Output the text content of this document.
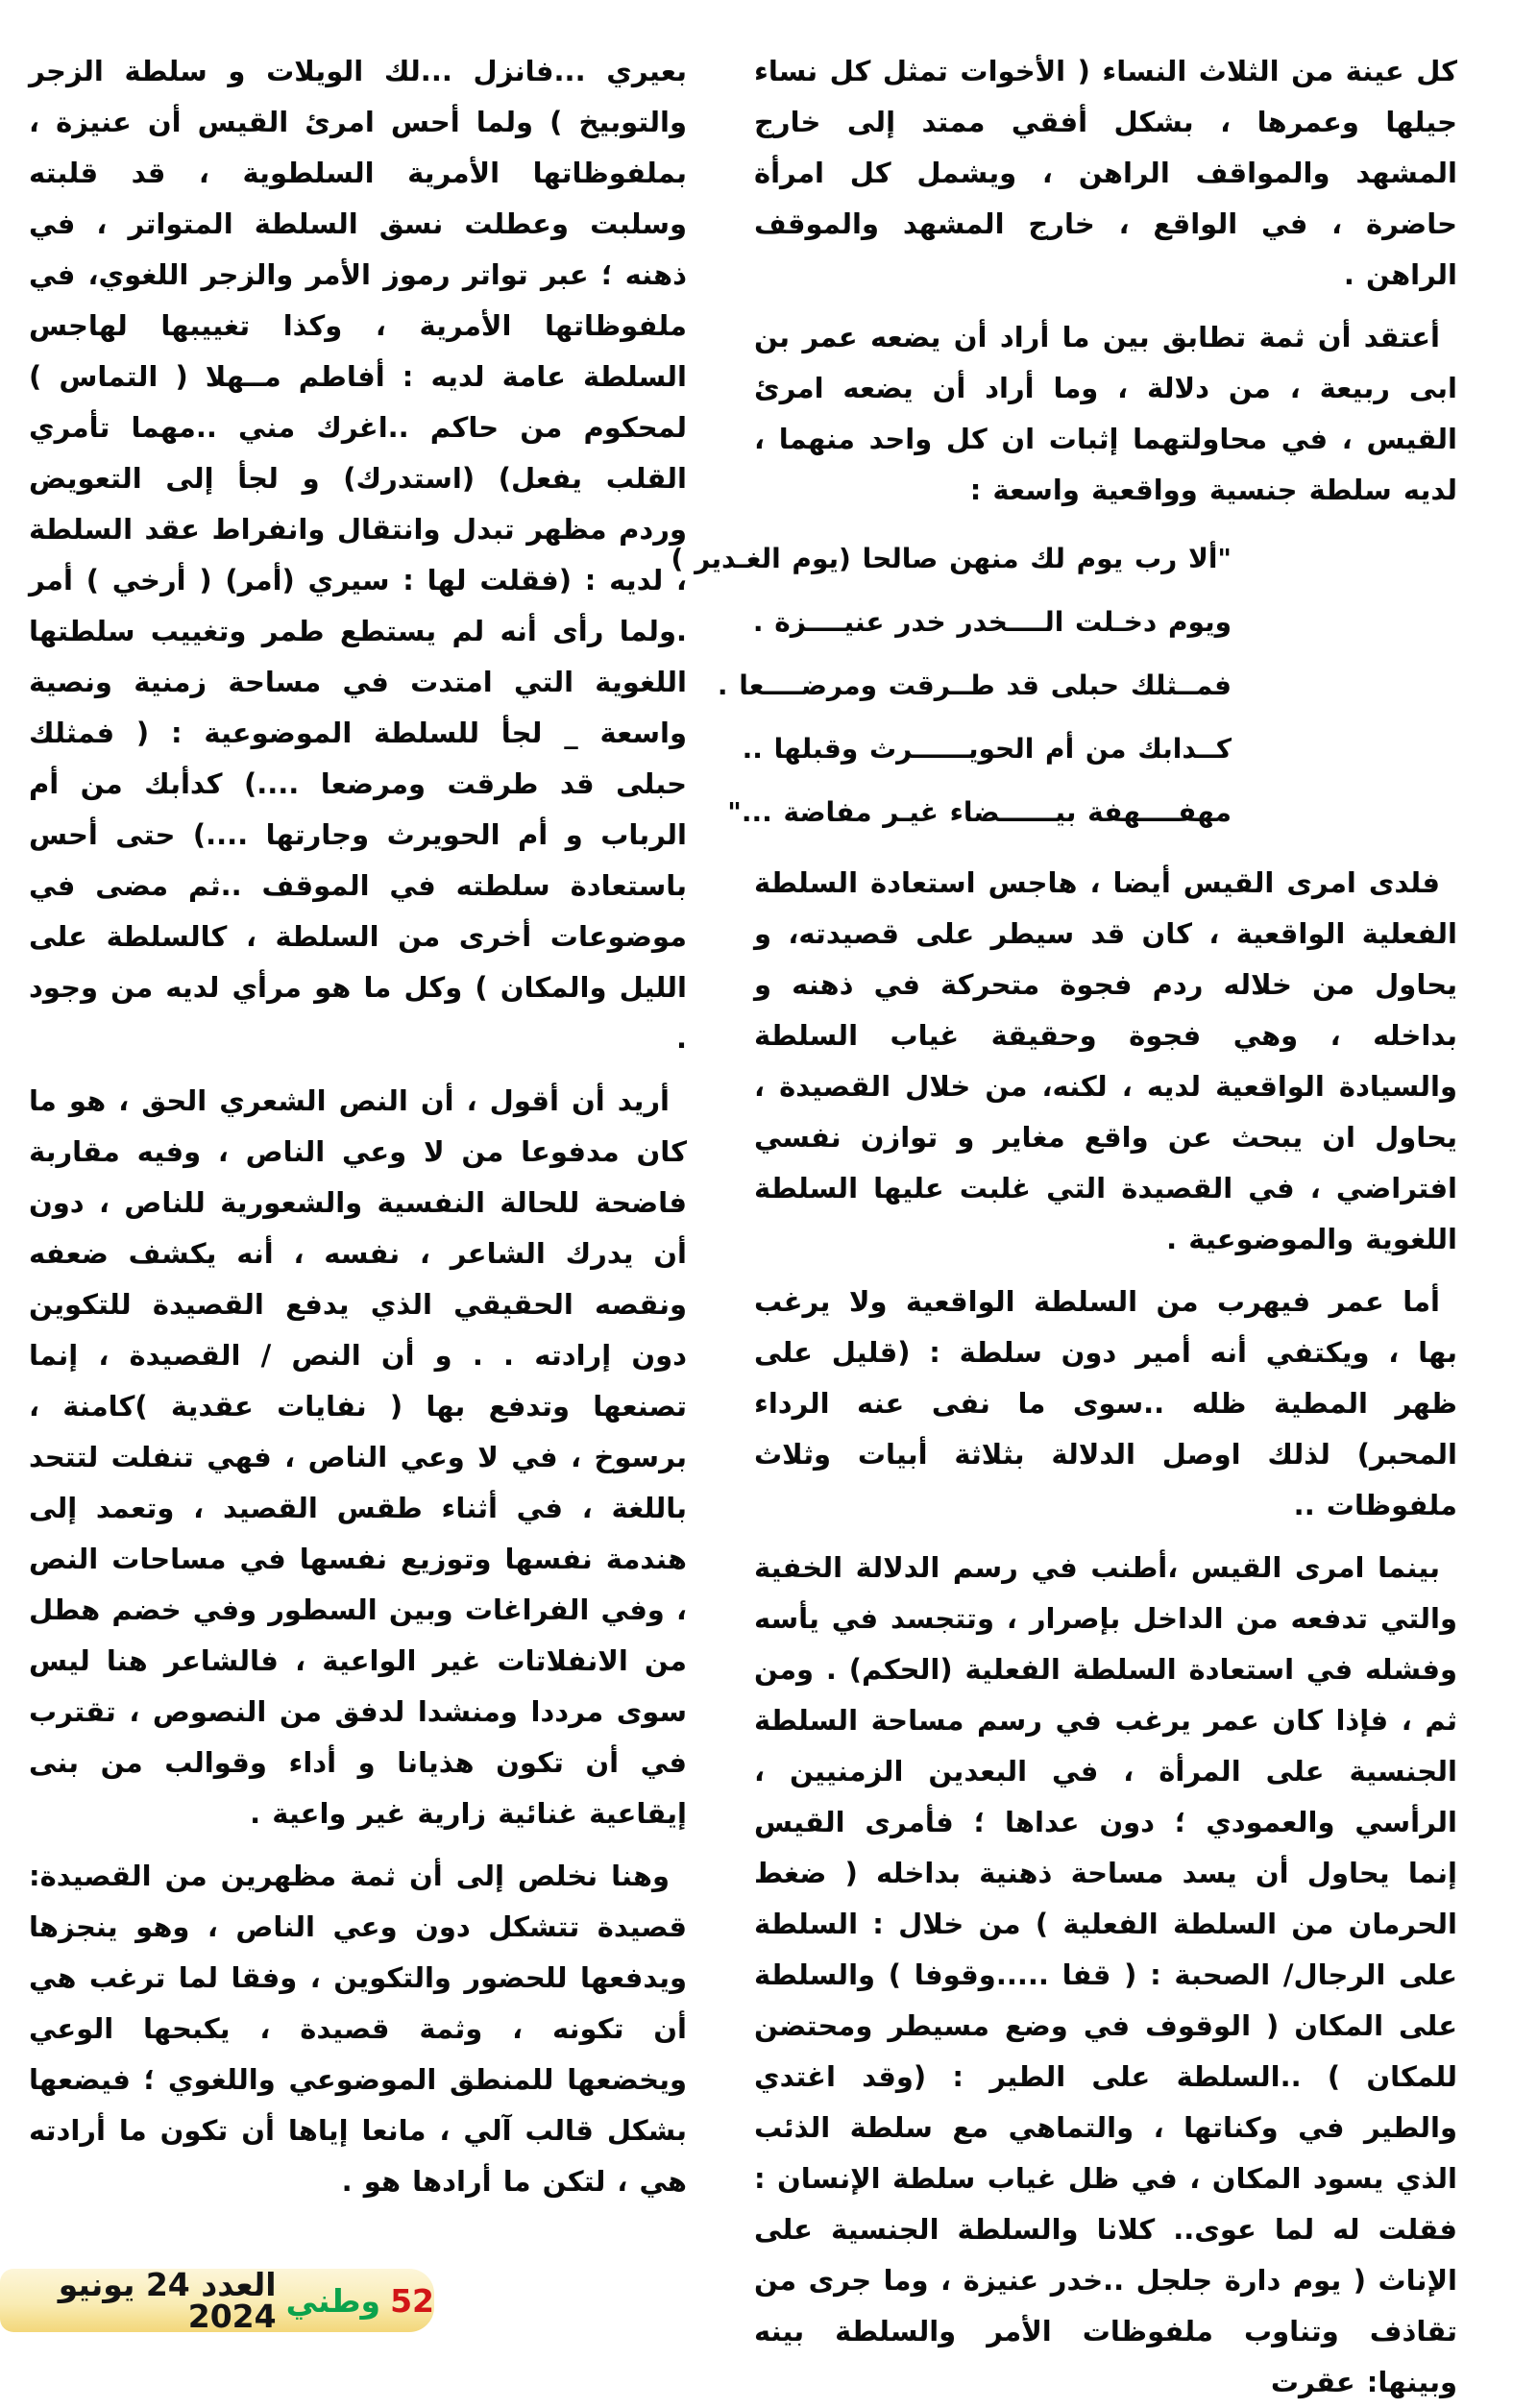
كل عينة من الثلاث النساء ( الأخوات تمثل كل نساء جيلها وعمرها ، بشكل أفقي ممتد إلى خارج المشهد والمواقف الراهن ، ويشمل كل امرأة حاضرة ، في الواقع ، خارج المشهد والموقف الراهن .

أعتقد أن ثمة تطابق بين ما أراد أن يضعه عمر بن ابى ربيعة ، من دلالة ، وما أراد أن يضعه امرئ القيس ، في محاولتهما إثبات ان كل واحد منهما ، لديه سلطة جنسية وواقعية واسعة :

"ألا رب يوم لك منهن صالحا (يوم الغـدير )
ويوم دخـلت الــــخدر خدر عنيــــزة .
فمــثلك حبلى قد طــرقت ومرضــــعا .
كــدابك من أم الحويــــــرث وقبلها ..
مهفــــهفة بيــــــضاء غيـر مفاضة ..."

فلدى امرى القيس أيضا ، هاجس استعادة السلطة الفعلية الواقعية ، كان قد سيطر على قصيدته، و يحاول من خلاله ردم فجوة متحركة في ذهنه و بداخله ، وهي فجوة وحقيقة غياب السلطة والسيادة الواقعية لديه ، لكنه، من خلال القصيدة ، يحاول ان يبحث عن واقع مغاير و توازن نفسي افتراضي ، في القصيدة التي غلبت عليها السلطة اللغوية والموضوعية .

أما عمر فيهرب من السلطة الواقعية ولا يرغب بها ، ويكتفي أنه أمير دون سلطة : (قليل على ظهر المطية ظله ..سوى ما نفى عنه الرداء المحبر) لذلك اوصل الدلالة بثلاثة أبيات وثلاث ملفوظات ..

بينما امرى القيس ،أطنب في رسم الدلالة الخفية والتي تدفعه من الداخل بإصرار ، وتتجسد في يأسه وفشله في استعادة السلطة الفعلية (الحكم) . ومن ثم ، فإذا كان عمر يرغب في رسم مساحة السلطة الجنسية على المرأة ، في البعدين الزمنيين ، الرأسي والعمودي ؛ دون عداها ؛ فأمرى القيس إنما يحاول أن يسد مساحة ذهنية بداخله ( ضغط الحرمان من السلطة الفعلية ) من خلال : السلطة على الرجال/ الصحبة : ( قفا .....وقوفا ) والسلطة على المكان ( الوقوف في وضع مسيطر ومحتضن للمكان ) ..السلطة على الطير : (وقد اغتدي والطير في وكناتها ، والتماهي مع سلطة الذئب الذي يسود المكان ، في ظل غياب سلطة الإنسان : فقلت له لما عوى.. كلانا والسلطة الجنسية على الإناث ( يوم دارة جلجل ..خدر عنيزة ، وما جرى من تقاذف وتناوب ملفوظات الأمر والسلطة بينه وبينها: عقرت

بعيري ...فانزل ...لك الويلات و سلطة الزجر والتوبيخ ) ولما أحس امرئ القيس أن عنيزة ، بملفوظاتها الأمرية السلطوية ، قد قلبته وسلبت وعطلت نسق السلطة المتواتر ، في ذهنه ؛ عبر تواتر رموز الأمر والزجر اللغوي، في ملفوظاتها الأمرية ، وكذا تغييبها لهاجس السلطة عامة لديه : أفاطم مــهلا ( التماس ) لمحكوم من حاكم ..اغرك مني ..مهما تأمري القلب يفعل) (استدرك) و لجأ إلى التعويض وردم مظهر تبدل وانتقال وانفراط عقد السلطة ، لديه : (فقلت لها : سيري (أمر) ( أرخي ) أمر .ولما رأى أنه لم يستطع طمر وتغييب سلطتها اللغوية التي امتدت في مساحة زمنية ونصية واسعة _ لجأ للسلطة الموضوعية : ( فمثلك حبلى قد طرقت ومرضعا ....) كدأبك من أم الرباب و أم الحويرث وجارتها ....) حتى أحس باستعادة سلطته في الموقف ..ثم مضى في موضوعات أخرى من السلطة ، كالسلطة على الليل والمكان ) وكل ما هو مرأي لديه من وجود .

أريد أن أقول ، أن النص الشعري الحق ، هو ما كان مدفوعا من لا وعي الناص ، وفيه مقاربة فاضحة للحالة النفسية والشعورية للناص ، دون أن يدرك الشاعر ، نفسه ، أنه يكشف ضعفه ونقصه الحقيقي الذي يدفع القصيدة للتكوين دون إرادته . . و أن النص / القصيدة ، إنما تصنعها وتدفع بها ( نفايات عقدية )كامنة ، برسوخ ، في لا وعي الناص ، فهي تنفلت لتتحد باللغة ، في أثناء طقس القصيد ، وتعمد إلى هندمة نفسها وتوزيع نفسها في مساحات النص ، وفي الفراغات وبين السطور وفي خضم هطل من الانفلاتات غير الواعية ، فالشاعر هنا ليس سوى مرددا ومنشدا لدفق من النصوص ، تقترب في أن تكون هذيانا و أداء وقوالب من بنى إيقاعية غنائية زارية غير واعية .

وهنا نخلص إلى أن ثمة مظهرين من القصيدة: قصيدة تتشكل دون وعي الناص ، وهو ينجزها ويدفعها للحضور والتكوين ، وفقا لما ترغب هي أن تكونه ، وثمة قصيدة ، يكبحها الوعي ويخضعها للمنطق الموضوعي واللغوي ؛ فيضعها بشكل قالب آلي ، مانعا إياها أن تكون ما أرادته هي ، لتكن ما أرادها هو .

52
وطني
العدد 24 يونيو 2024
